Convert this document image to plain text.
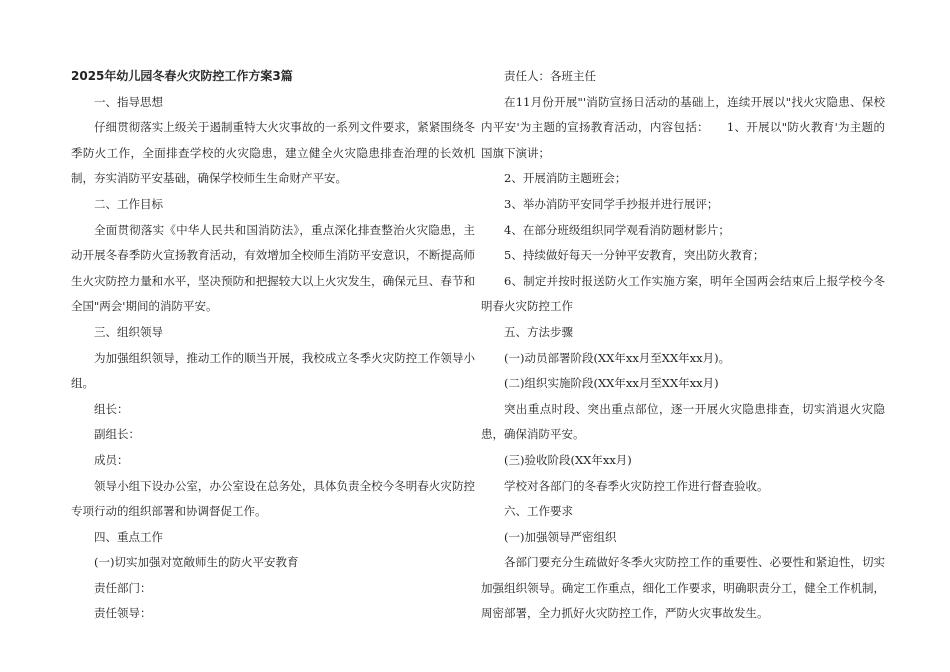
2025年幼儿园冬春火灾防控工作方案3篇

一、指导思想

仔细贯彻落实上级关于遏制重特大火灾事故的一系列文件要求，紧紧围绕冬季防火工作，全面排查学校的火灾隐患，建立健全火灾隐患排查治理的长效机制，夯实消防平安基础，确保学校师生生命财产平安。

二、工作目标

全面贯彻落实《中华人民共和国消防法》，重点深化排查整治火灾隐患，主动开展冬春季防火宣扬教育活动，有效增加全校师生消防平安意识，不断提高师生火灾防控力量和水平，坚决预防和把握较大以上火灾发生，确保元旦、春节和全国"两会'期间的消防平安。

三、组织领导

为加强组织领导，推动工作的顺当开展，我校成立冬季火灾防控工作领导小组。

组长：

副组长：

成员：

领导小组下设办公室，办公室设在总务处，具体负责全校今冬明春火灾防控专项行动的组织部署和协调督促工作。

四、重点工作

(一)切实加强对宽敞师生的防火平安教育

责任部门：

责任领导：

责任人：各班主任

在11月份开展"'消防宣扬日活动的基础上，连续开展以"找火灾隐患、保校内平安'为主题的宣扬教育活动，内容包括：　　1、开展以"防火教育'为主题的国旗下演讲；

2、开展消防主题班会；

3、举办消防平安同学手抄报并进行展评；

4、在部分班级组织同学观看消防题材影片；

5、持续做好每天一分钟平安教育，突出防火教育；

6、制定并按时报送防火工作实施方案，明年全国两会结束后上报学校今冬明春火灾防控工作

五、方法步骤

(一)动员部署阶段(XX年xx月至XX年xx月)。

(二)组织实施阶段(XX年xx月至XX年xx月)

突出重点时段、突出重点部位，逐一开展火灾隐患排查，切实消退火灾隐患，确保消防平安。

(三)验收阶段(XX年xx月)

学校对各部门的冬春季火灾防控工作进行督查验收。

六、工作要求

(一)加强领导严密组织

各部门要充分生疏做好冬季火灾防控工作的重要性、必要性和紧迫性，切实加强组织领导。确定工作重点，细化工作要求，明确职责分工，健全工作机制，周密部署，全力抓好火灾防控工作，严防火灾事故发生。
